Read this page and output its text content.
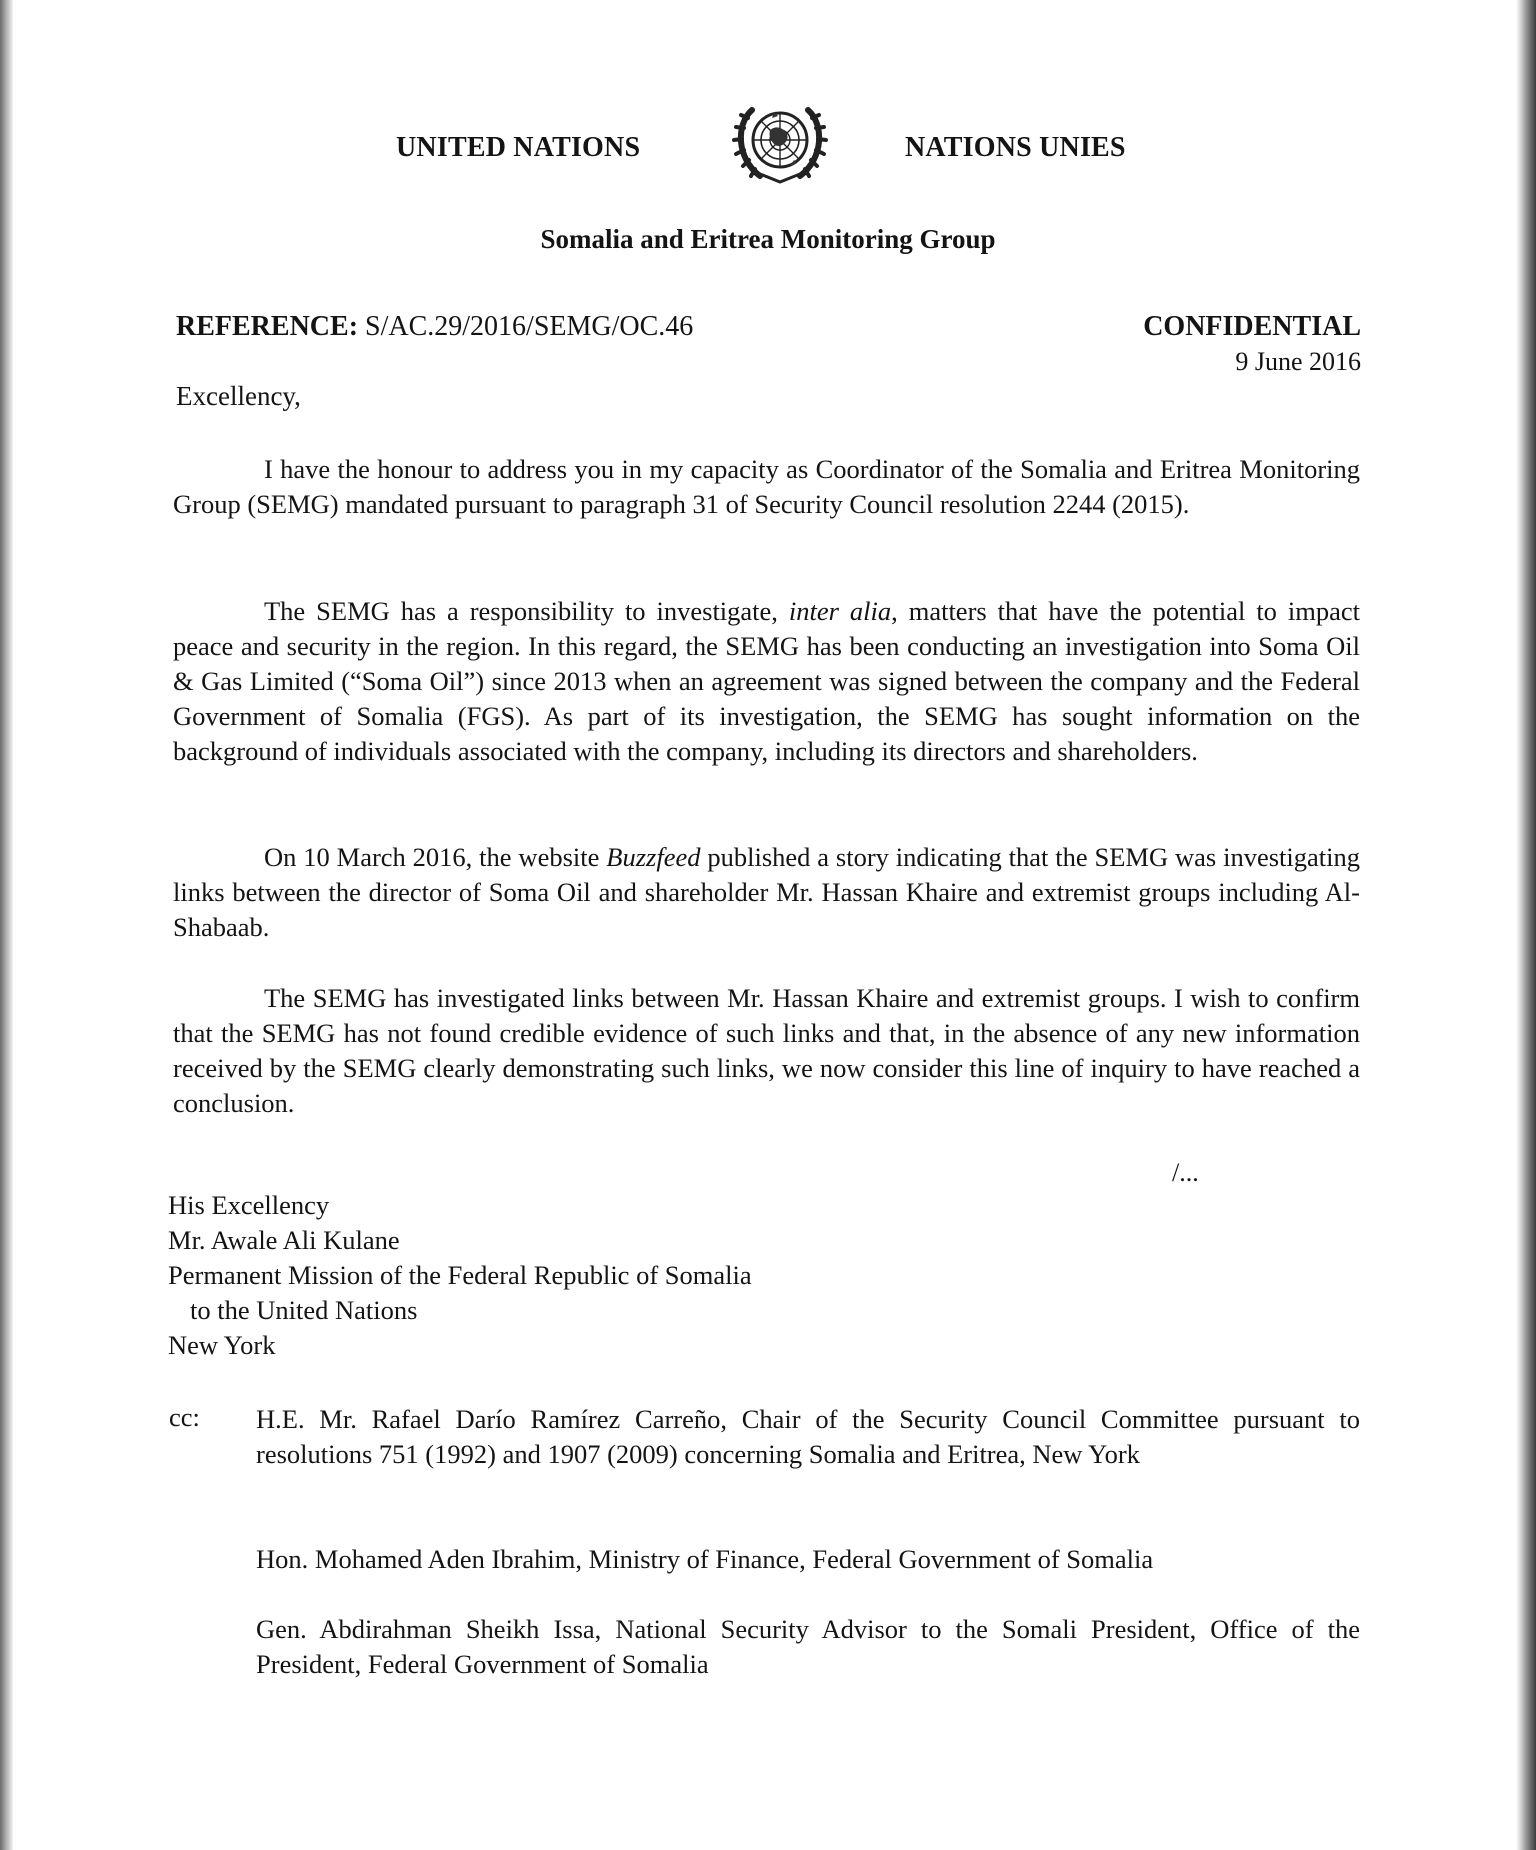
UNITED NATIONS	NATIONS UNIES
Somalia and Eritrea Monitoring Group
REFERENCE: S/AC.29/2016/SEMG/OC.46	CONFIDENTIAL
9 June 2016
Excellency,

I have the honour to address you in my capacity as Coordinator of the Somalia and Eritrea Monitoring Group (SEMG) mandated pursuant to paragraph 31 of Security Council resolution 2244 (2015).

The SEMG has a responsibility to investigate, inter alia, matters that have the potential to impact peace and security in the region. In this regard, the SEMG has been conducting an investigation into Soma Oil & Gas Limited (“Soma Oil”) since 2013 when an agreement was signed between the company and the Federal Government of Somalia (FGS). As part of its investigation, the SEMG has sought information on the background of individuals associated with the company, including its directors and shareholders.

On 10 March 2016, the website Buzzfeed published a story indicating that the SEMG was investigating links between the director of Soma Oil and shareholder Mr. Hassan Khaire and extremist groups including Al-Shabaab.

The SEMG has investigated links between Mr. Hassan Khaire and extremist groups. I wish to confirm that the SEMG has not found credible evidence of such links and that, in the absence of any new information received by the SEMG clearly demonstrating such links, we now consider this line of inquiry to have reached a conclusion.

/...
His Excellency
Mr. Awale Ali Kulane
Permanent Mission of the Federal Republic of Somalia
to the United Nations
New York
cc: H.E. Mr. Rafael Darío Ramírez Carreño, Chair of the Security Council Committee pursuant to resolutions 751 (1992) and 1907 (2009) concerning Somalia and Eritrea, New York

Hon. Mohamed Aden Ibrahim, Ministry of Finance, Federal Government of Somalia

Gen. Abdirahman Sheikh Issa, National Security Advisor to the Somali President, Office of the President, Federal Government of Somalia
